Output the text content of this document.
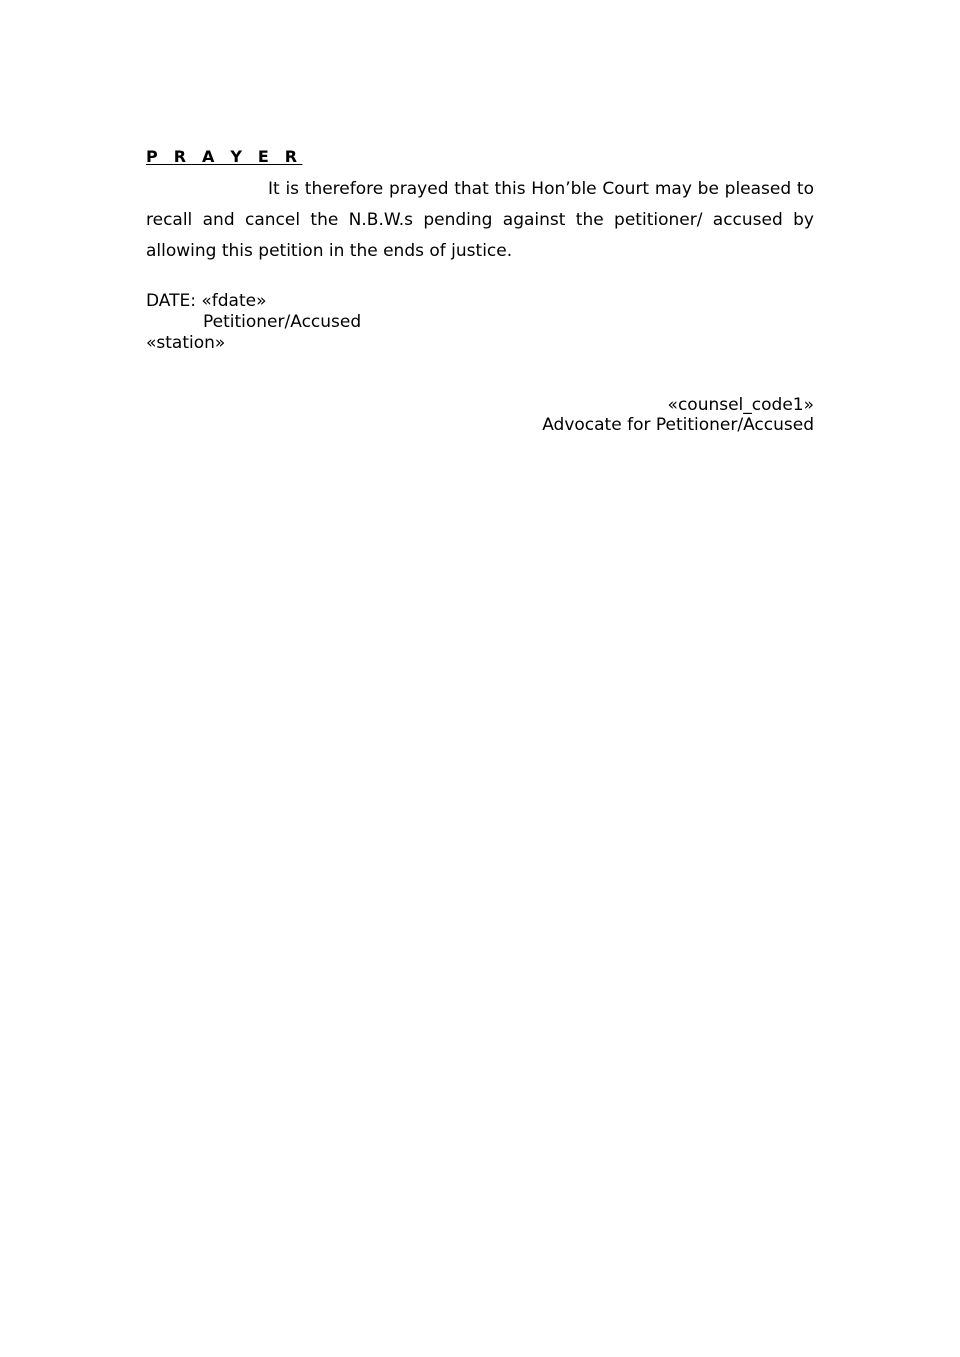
P R A Y E R

It is therefore prayed that this Hon’ble Court may be pleased to recall and cancel the N.B.W.s pending against the petitioner/ accused by allowing this petition in the ends of justice.

DATE: «fdate»
Petitioner/Accused
«station»
«counsel_code1»
Advocate for Petitioner/Accused
